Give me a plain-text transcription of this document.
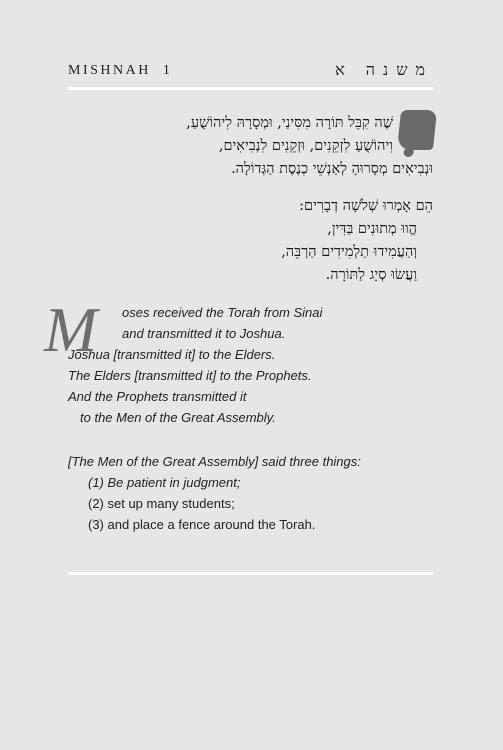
MISHNAH 1	משנה א
שֶׁה קִבֵּל תּוֹרָה מִסִּינַי, וּמְסָרָהּ לִיהוֹשֻׁעַ,
וִיהוֹשֻׁעַ לִזְקֵנִים, וּזְקֵנִים לִנְבִיאִים,
וּנְבִיאִים מְסָרוּהָ לְאַנְשֵׁי כְנֶסֶת הַגְּדוֹלָה.
הֵם אָמְרוּ שְׁלֹשָׁה דְבָרִים:
הֱווּ מְתוּנִים בַּדִּין,
וְהַעֲמִידוּ תַלְמִידִים הַרְבֵּה,
וַעֲשׂוּ סְיָג לַתּוֹרָה.
M oses received the Torah from Sinai
and transmitted it to Joshua.
Joshua [transmitted it] to the Elders.
The Elders [transmitted it] to the Prophets.
And the Prophets transmitted it
to the Men of the Great Assembly.
[The Men of the Great Assembly] said three things:
(1) Be patient in judgment;
(2) set up many students;
(3) and place a fence around the Torah.
